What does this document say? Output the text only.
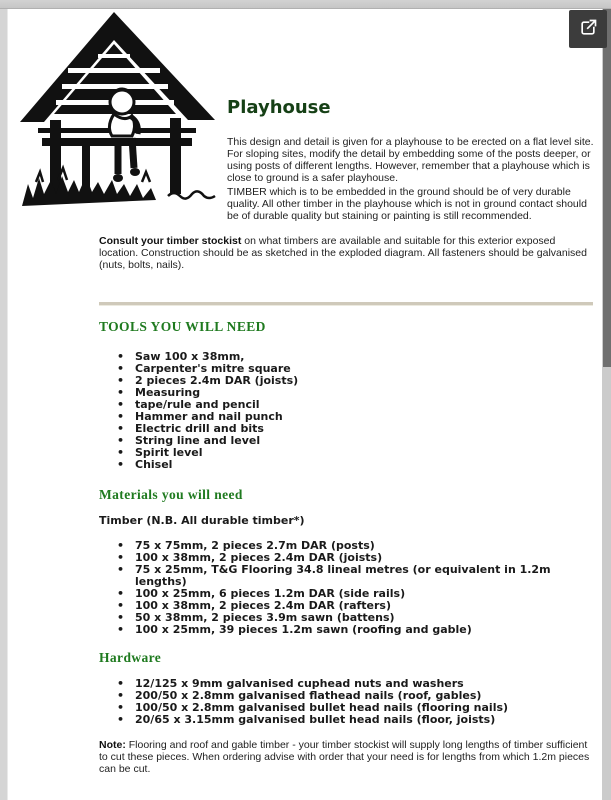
Playhouse

This design and detail is given for a playhouse to be erected on a flat level site. For sloping sites, modify the detail by embedding some of the posts deeper, or using posts of different lengths. However, remember that a playhouse which is close to ground is a safer playhouse.

TIMBER which is to be embedded in the ground should be of very durable quality. All other timber in the playhouse which is not in ground contact should be of durable quality but staining or painting is still recommended.

Consult your timber stockist on what timbers are available and suitable for this exterior exposed location. Construction should be as sketched in the exploded diagram. All fasteners should be galvanised (nuts, bolts, nails).

TOOLS YOU WILL NEED
• Saw 100 x 38mm,
• Carpenter's mitre square
• 2 pieces 2.4m DAR (joists)
• Measuring
• tape/rule and pencil
• Hammer and nail punch
• Electric drill and bits
• String line and level
• Spirit level
• Chisel
Materials you will need
Timber (N.B. All durable timber*)
• 75 x 75mm, 2 pieces 2.7m DAR (posts)
• 100 x 38mm, 2 pieces 2.4m DAR (joists)
• 75 x 25mm, T&G Flooring 34.8 lineal metres (or equivalent in 1.2m lengths)
• 100 x 25mm, 6 pieces 1.2m DAR (side rails)
• 100 x 38mm, 2 pieces 2.4m DAR (rafters)
• 50 x 38mm, 2 pieces 3.9m sawn (battens)
• 100 x 25mm, 39 pieces 1.2m sawn (roofing and gable)
Hardware
• 12/125 x 9mm galvanised cuphead nuts and washers
• 200/50 x 2.8mm galvanised flathead nails (roof, gables)
• 100/50 x 2.8mm galvanised bullet head nails (flooring nails)
• 20/65 x 3.15mm galvanised bullet head nails (floor, joists)

Note: Flooring and roof and gable timber - your timber stockist will supply long lengths of timber sufficient to cut these pieces. When ordering advise with order that your need is for lengths from which 1.2m pieces can be cut.
